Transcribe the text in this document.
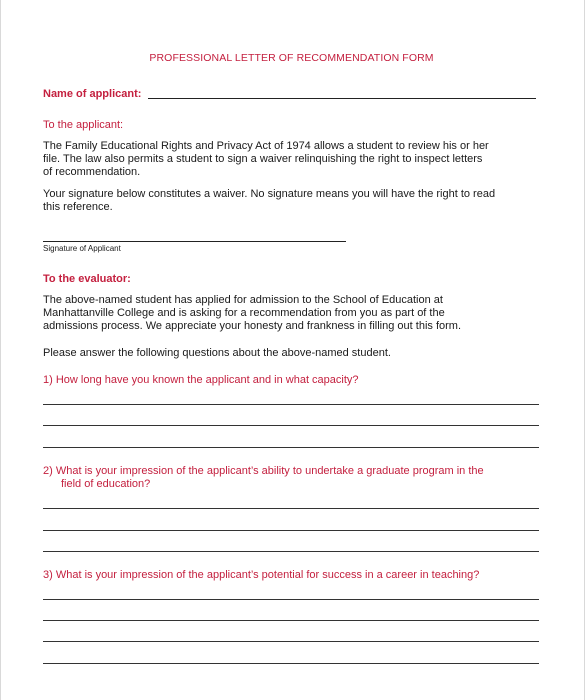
PROFESSIONAL LETTER OF RECOMMENDATION FORM
Name of applicant:
To the applicant:
The Family Educational Rights and Privacy Act of 1974 allows a student to review his or her
file. The law also permits a student to sign a waiver relinquishing the right to inspect letters
of recommendation.
Your signature below constitutes a waiver. No signature means you will have the right to read
this reference.
Signature of Applicant
To the evaluator:
The above-named student has applied for admission to the School of Education at
Manhattanville College and is asking for a recommendation from you as part of the
admissions process. We appreciate your honesty and frankness in filling out this form.
Please answer the following questions about the above-named student.
1) How long have you known the applicant and in what capacity?
2) What is your impression of the applicant’s ability to undertake a graduate program in the
field of education?
3) What is your impression of the applicant’s potential for success in a career in teaching?
